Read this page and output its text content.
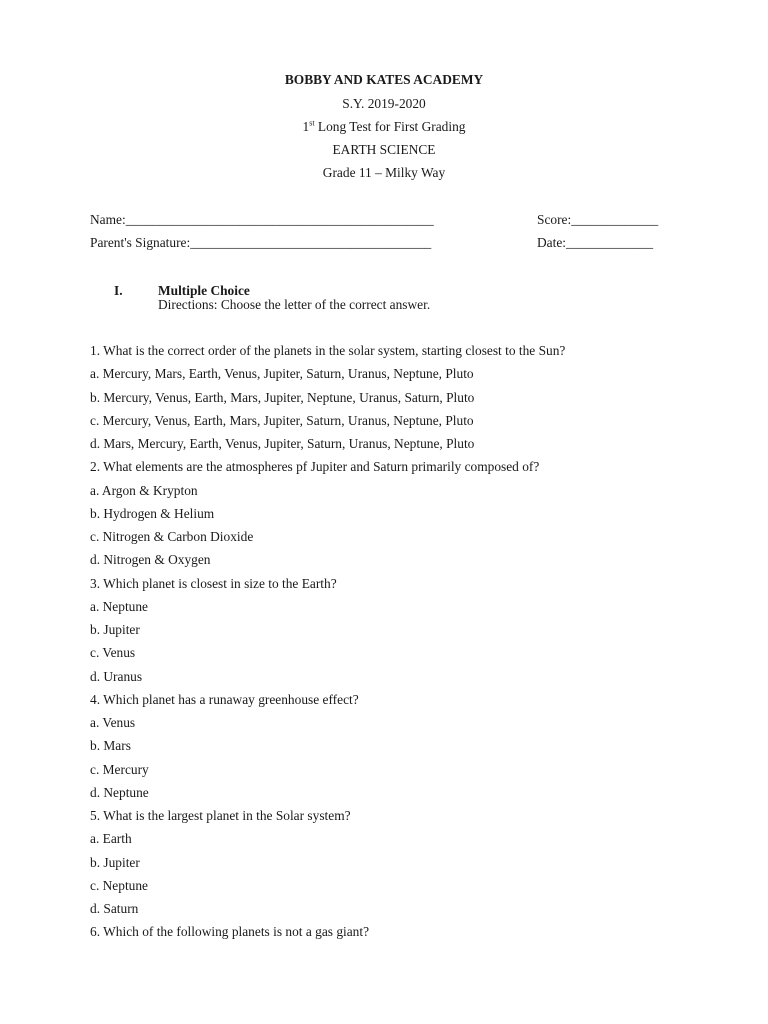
BOBBY AND KATES ACADEMY
S.Y. 2019-2020
1st Long Test for First Grading
EARTH SCIENCE
Grade 11 – Milky Way
Name:______________________________________________	Score:_____________
Parent's Signature:____________________________________	Date:_____________
I.	Multiple Choice
Directions: Choose the letter of the correct answer.
1. What is the correct order of the planets in the solar system, starting closest to the Sun?
a. Mercury, Mars, Earth, Venus, Jupiter, Saturn, Uranus, Neptune, Pluto
b. Mercury, Venus, Earth, Mars, Jupiter, Neptune, Uranus, Saturn, Pluto
c. Mercury, Venus, Earth, Mars, Jupiter, Saturn, Uranus, Neptune, Pluto
d. Mars, Mercury, Earth, Venus, Jupiter, Saturn, Uranus, Neptune, Pluto
2. What elements are the atmospheres pf Jupiter and Saturn primarily composed of?
a. Argon & Krypton
b. Hydrogen & Helium
c. Nitrogen & Carbon Dioxide
d. Nitrogen & Oxygen
3. Which planet is closest in size to the Earth?
a. Neptune
b. Jupiter
c. Venus
d. Uranus
4. Which planet has a runaway greenhouse effect?
a. Venus
b. Mars
c. Mercury
d. Neptune
5. What is the largest planet in the Solar system?
a. Earth
b. Jupiter
c. Neptune
d. Saturn
6. Which of the following planets is not a gas giant?
